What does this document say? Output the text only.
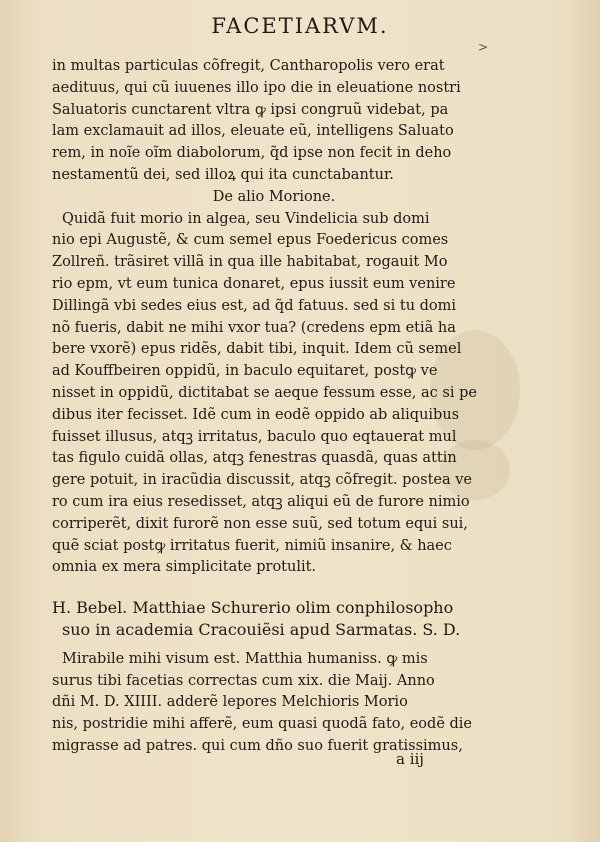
FACETIARVM.
>
in multas particulas cõfregit, Cantharopolis vero erat
aedituus, qui cũ iuuenes illo ipo die in eleuatione nostri
Saluatoris cunctarent vltra ꝙ ipsi congruũ videbat, pa
lam exclamauit ad illos, eleuate eũ, intelligens Saluato
rem, in noĩe oĩm diabolorum, q̃d ipse non fecit in deho
nestamentũ dei, sed illoꝝ qui ita cunctabantur.
De alio Morione.
Quidã fuit morio in algea, seu Vindelicia sub domi
nio epi Augustẽ, & cum semel epus Foedericus comes
Zollreñ. trãsiret villã in qua ille habitabat, rogauit Mo
rio epm, vt eum tunica donaret, epus iussit eum venire
Dillingã vbi sedes eius est, ad q̃d fatuus. sed si tu domi
nõ fueris, dabit ne mihi vxor tua? (credens epm etiã ha
bere vxorẽ) epus ridẽs, dabit tibi, inquit. Idem cũ semel
ad Kouffbeiren oppidũ, in baculo equitaret, postꝙ ve
nisset in oppidũ, dictitabat se aeque fessum esse, ac si pe
dibus iter fecisset. Idẽ cum in eodẽ oppido ab aliquibus
fuisset illusus, atqꝫ irritatus, baculo quo eqtauerat mul
tas figulo cuidã ollas, atqꝫ fenestras quasdã, quas attin
gere potuit, in iracũdia discussit, atqꝫ cõfregit. postea ve
ro cum ira eius resedisset, atqꝫ aliqui eũ de furore nimio
corriperẽt, dixit furorẽ non esse suũ, sed totum equi sui,
quẽ sciat postꝙ irritatus fuerit, nimiũ insanire, & haec
omnia ex mera simplicitate protulit.
H. Bebel. Matthiae Schurerio olim conphilosopho
suo in academia Cracouiẽsi apud Sarmatas. S. D.
Mirabile mihi visum est. Matthia humaniss. ꝙ mis
surus tibi facetias correctas cum xix. die Maij. Anno
dñi M. D. XIIII. adderẽ lepores Melchioris Morio
nis, postridie mihi afferẽ, eum quasi quodã fato, eodẽ die
migrasse ad patres. qui cum dño suo fuerit gratissimus,
a iij
